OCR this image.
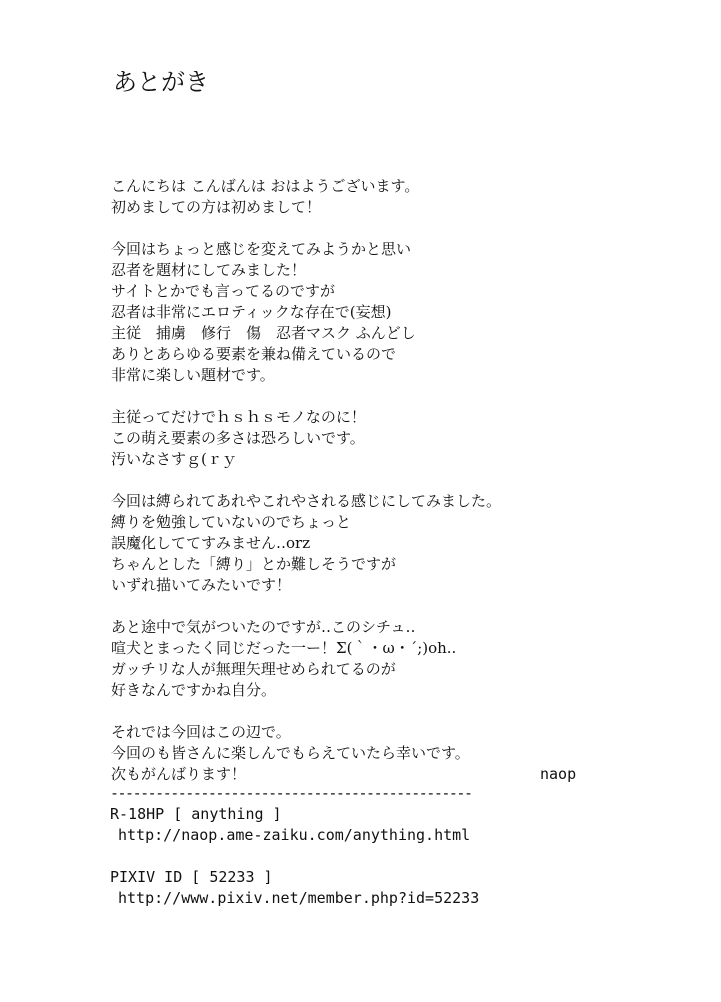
あとがき
こんにちは こんばんは おはようございます。
初めましての方は初めまして！
今回はちょっと感じを変えてみようかと思い
忍者を題材にしてみました！
サイトとかでも言ってるのですが
忍者は非常にエロティックな存在で(妄想)
主従　捕虜　修行　傷　忍者マスク ふんどし
ありとあらゆる要素を兼ね備えているので
非常に楽しい題材です。
主従ってだけでｈｓｈｓモノなのに！
この萌え要素の多さは恐ろしいです。
汚いなさすｇ(ｒｙ
今回は縛られてあれやこれやされる感じにしてみました。
縛りを勉強していないのでちょっと
誤魔化しててすみません‥orz
ちゃんとした「縛り」とか難しそうですが
いずれ描いてみたいです！
あと途中で気がついたのですが‥このシチュ‥
喧犬とまったく同じだった一ー！Σ(｀・ω・´;)oh..
ガッチリな人が無理矢理せめられてるのが
好きなんですかね自分。
それでは今回はこの辺で。
今回のも皆さんに楽しんでもらえていたら幸いです。
次もがんばります！	naop
------------------------------------------------
R-18HP [ anything ]
http://naop.ame-zaiku.com/anything.html
PIXIV ID [ 52233 ]
http://www.pixiv.net/member.php?id=52233
